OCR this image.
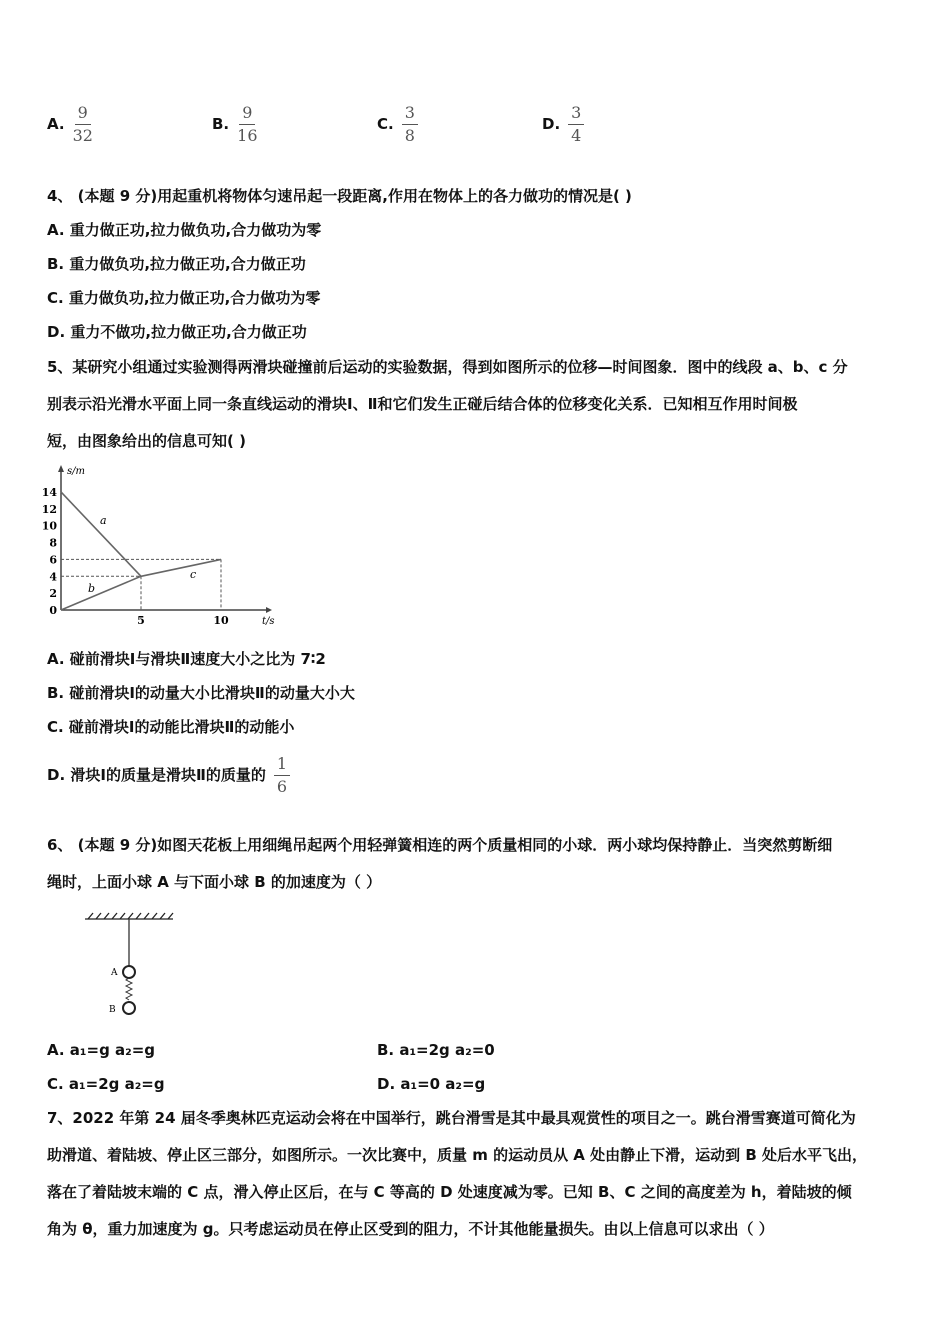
A. $\frac{9}{32}$	B. $\frac{9}{16}$	C. $\frac{3}{8}$	D. $\frac{3}{4}$
4、 (本题 9 分)用起重机将物体匀速吊起一段距离,作用在物体上的各力做功的情况是( )
A. 重力做正功,拉力做负功,合力做功为零
B. 重力做负功,拉力做正功,合力做正功
C. 重力做负功,拉力做正功,合力做功为零
D. 重力不做功,拉力做正功,合力做正功
5、某研究小组通过实验测得两滑块碰撞前后运动的实验数据，得到如图所示的位移—时间图象．图中的线段 a、b、c 分
别表示沿光滑水平面上同一条直线运动的滑块Ⅰ、Ⅱ和它们发生正碰后结合体的位移变化关系．已知相互作用时间极
短，由图象给出的信息可知( )
0
2
4
6
8
10
12
14
5	10
s/m
t/s
a
b
c
A. 碰前滑块Ⅰ与滑块Ⅱ速度大小之比为 7∶2
B. 碰前滑块Ⅰ的动量大小比滑块Ⅱ的动量大小大
C. 碰前滑块Ⅰ的动能比滑块Ⅱ的动能小
D. 滑块Ⅰ的质量是滑块Ⅱ的质量的 $\frac{1}{6}$
6、 (本题 9 分)如图天花板上用细绳吊起两个用轻弹簧相连的两个质量相同的小球．两小球均保持静止．当突然剪断细
绳时，上面小球 A 与下面小球 B 的加速度为（ ）
A
B
A. a₁=g a₂=g	B. a₁=2g a₂=0
C. a₁=2g a₂=g	D. a₁=0 a₂=g
7、2022 年第 24 届冬季奥林匹克运动会将在中国举行，跳台滑雪是其中最具观赏性的项目之一。跳台滑雪赛道可简化为
助滑道、着陆坡、停止区三部分，如图所示。一次比赛中，质量 m 的运动员从 A 处由静止下滑，运动到 B 处后水平飞出，
落在了着陆坡末端的 C 点，滑入停止区后，在与 C 等高的 D 处速度减为零。已知 B、C 之间的高度差为 h，着陆坡的倾
角为 θ，重力加速度为 g。只考虑运动员在停止区受到的阻力，不计其他能量损失。由以上信息可以求出（ ）
